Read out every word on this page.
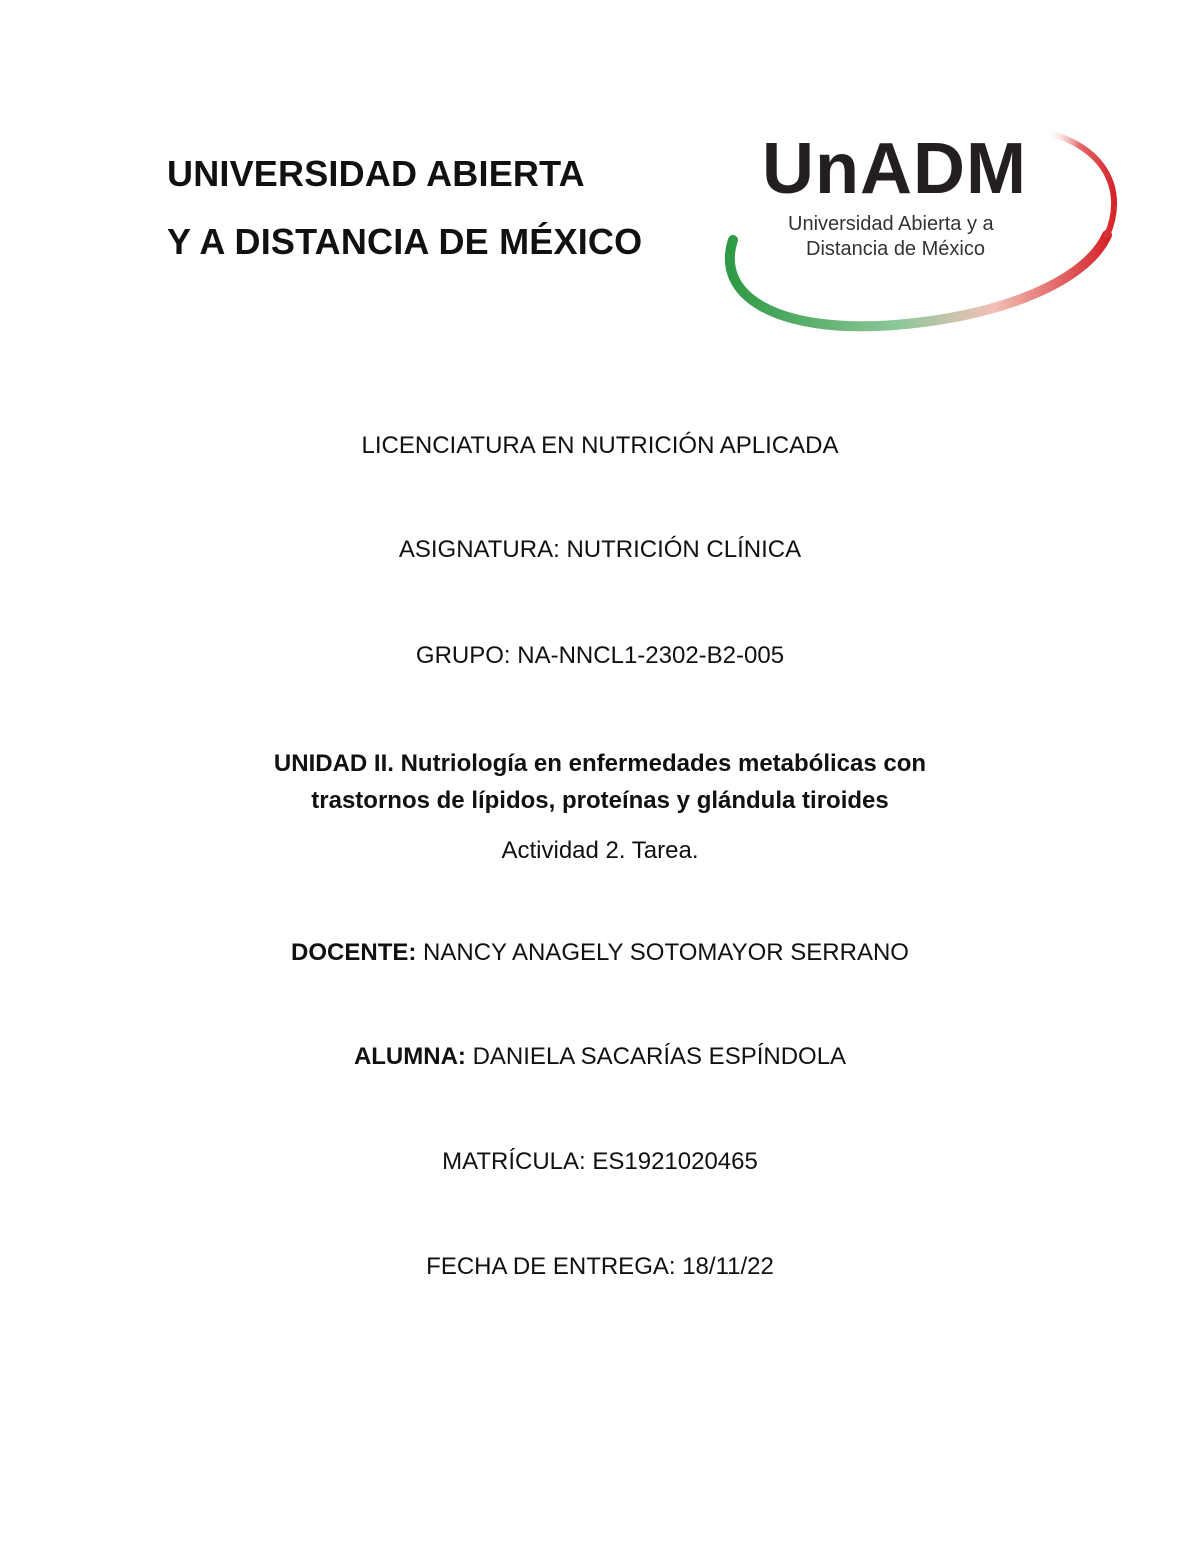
UNIVERSIDAD ABIERTA
Y A DISTANCIA DE MÉXICO
UnADM
Universidad Abierta y a
Distancia de México
LICENCIATURA EN NUTRICIÓN APLICADA
ASIGNATURA: NUTRICIÓN CLÍNICA
GRUPO: NA-NNCL1-2302-B2-005
UNIDAD II. Nutriología en enfermedades metabólicas con
trastornos de lípidos, proteínas y glándula tiroides
Actividad 2. Tarea.
DOCENTE: NANCY ANAGELY SOTOMAYOR SERRANO
ALUMNA: DANIELA SACARÍAS ESPÍNDOLA
MATRÍCULA: ES1921020465
FECHA DE ENTREGA: 18/11/22
